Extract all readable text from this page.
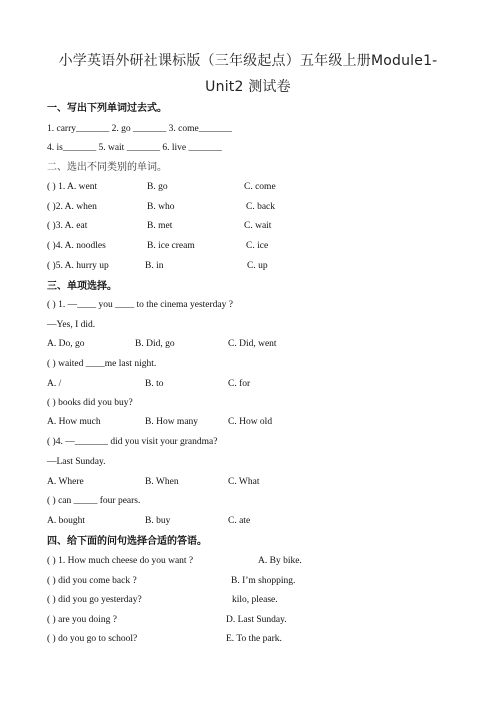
小学英语外研社课标版（三年级起点）五年级上册Module1-
Unit2 测试卷
一、写出下列单词过去式。
1. carry_______ 2. go _______ 3. come_______
4. is_______ 5. wait _______ 6. live _______
二、选出不同类别的单词。
( ) 1. A. went	B. go	C. come
( )2. A. when	B. who	C. back
( )3. A. eat	B. met	C. wait
( )4. A. noodles	B. ice cream	C. ice
( )5. A. hurry up	B. in	C. up
三、单项选择。
( ) 1. —____ you ____ to the cinema yesterday ?
—Yes, I did.
A. Do, go	B. Did, go	C. Did, went
( ) waited ____me last night.
A. /	B. to	C. for
( ) books did you buy?
A. How much	B. How many	C. How old
( )4. —_______ did you visit your grandma?
—Last Sunday.
A. Where	B. When	C. What
( ) can _____ four pears.
A. bought	B. buy	C. ate
四、给下面的问句选择合适的答语。
( ) 1. How much cheese do you want ?	A. By bike.
( ) did you come back ?	B. I’m shopping.
( ) did you go yesterday?	kilo, please.
( ) are you doing ?	D. Last Sunday.
( ) do you go to school?	E. To the park.
